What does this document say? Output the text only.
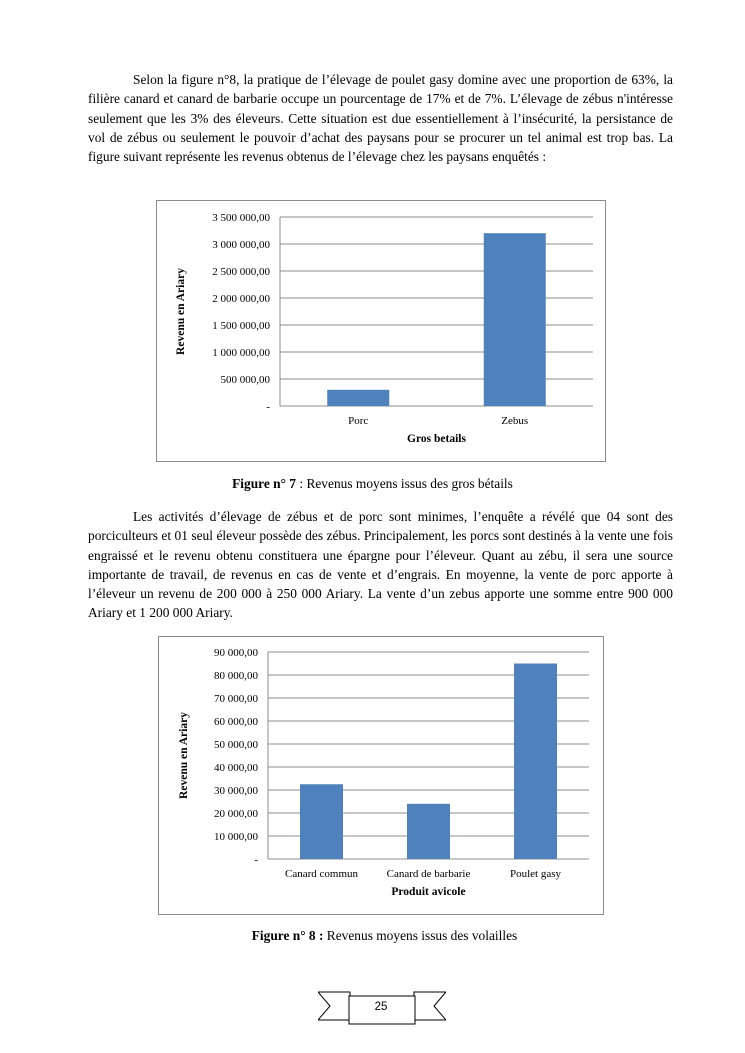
Selon la figure n°8, la pratique de l’élevage de poulet gasy domine avec une proportion de 63%, la filière canard et canard de barbarie occupe un pourcentage de 17% et de 7%. L’élevage de zébus n'intéresse seulement que les 3% des éleveurs. Cette situation est due essentiellement à l’insécurité, la persistance de vol de zébus ou seulement le pouvoir d’achat des paysans pour se procurer un tel animal est trop bas. La figure suivant représente les revenus obtenus de l’élevage chez les paysans enquêtés :

-
500 000,00
1 000 000,00
1 500 000,00
2 000 000,00
2 500 000,00
3 000 000,00
3 500 000,00
Porc	Zebus
Gros betails
Revenu en Ariary
Figure n° 7 : Revenus moyens issus des gros bétails

Les activités d’élevage de zébus et de porc sont minimes, l’enquête a révélé que 04 sont des porciculteurs et 01 seul éleveur possède des zébus. Principalement, les porcs sont destinés à la vente une fois engraissé et le revenu obtenu constituera une épargne pour l’éleveur. Quant au zébu, il sera une source importante de travail, de revenus en cas de vente et d’engrais. En moyenne, la vente de porc apporte à l’éleveur un revenu de 200 000 à 250 000 Ariary. La vente d’un zebus apporte une somme entre 900 000 Ariary et 1 200 000 Ariary.

-
10 000,00
20 000,00
30 000,00
40 000,00
50 000,00
60 000,00
70 000,00
80 000,00
90 000,00
Canard commun	Canard de barbarie	Poulet gasy
Produit avicole
Revenu en Ariary
Figure n° 8 : Revenus moyens issus des volailles
25
